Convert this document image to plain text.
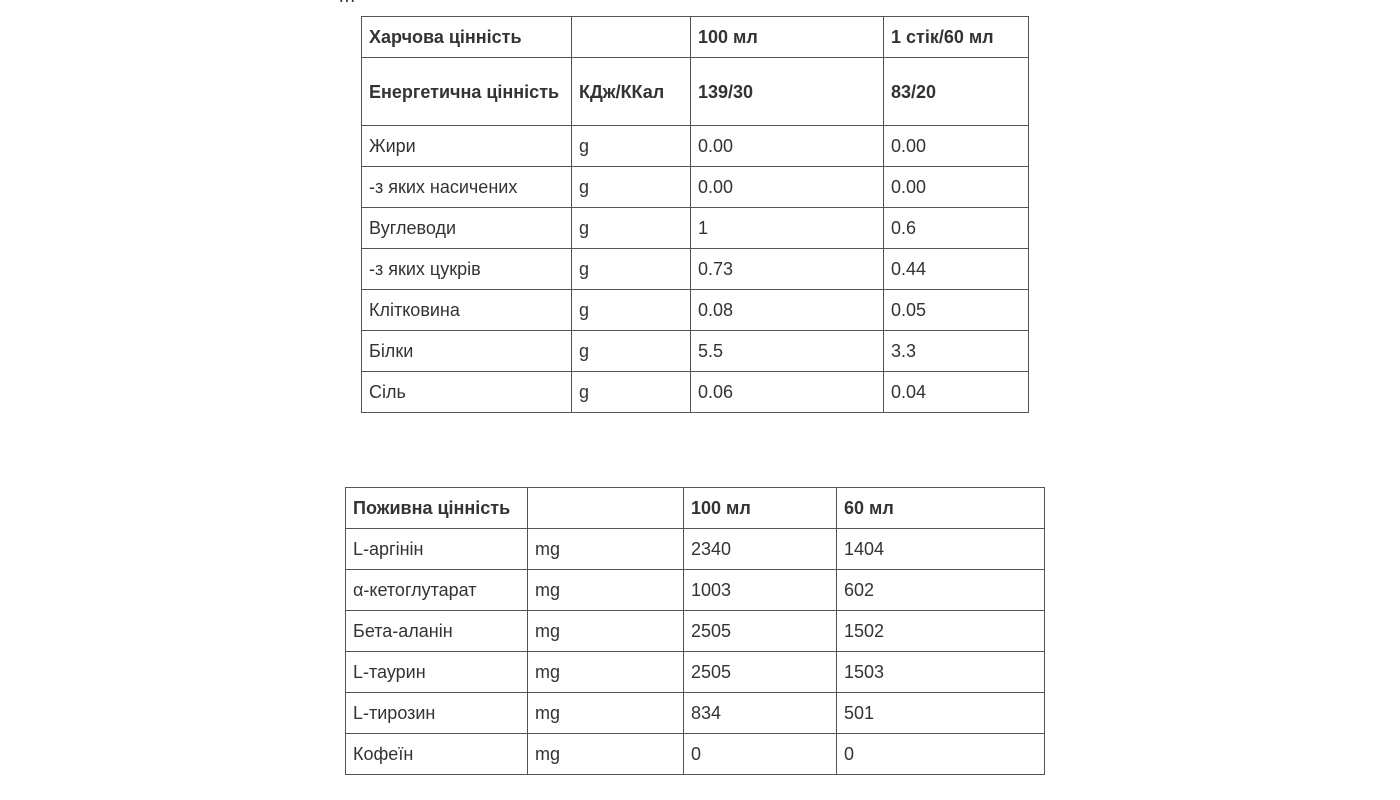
Харчова цінність		100 мл	1 стік/60 мл
Енергетична цінність	КДж/ККал	139/30	83/20
Жири	g	0.00	0.00
-з яких насичених	g	0.00	0.00
Вуглеводи	g	1	0.6
-з яких цукрів	g	0.73	0.44
Клітковина	g	0.08	0.05
Білки	g	5.5	3.3
Сіль	g	0.06	0.04
Поживна цінність		100 мл	60 мл
L-аргінін	mg	2340	1404
α-кетоглутарат	mg	1003	602
Бета-аланін	mg	2505	1502
L-таурин	mg	2505	1503
L-тирозин	mg	834	501
Кофеїн	mg	0	0
